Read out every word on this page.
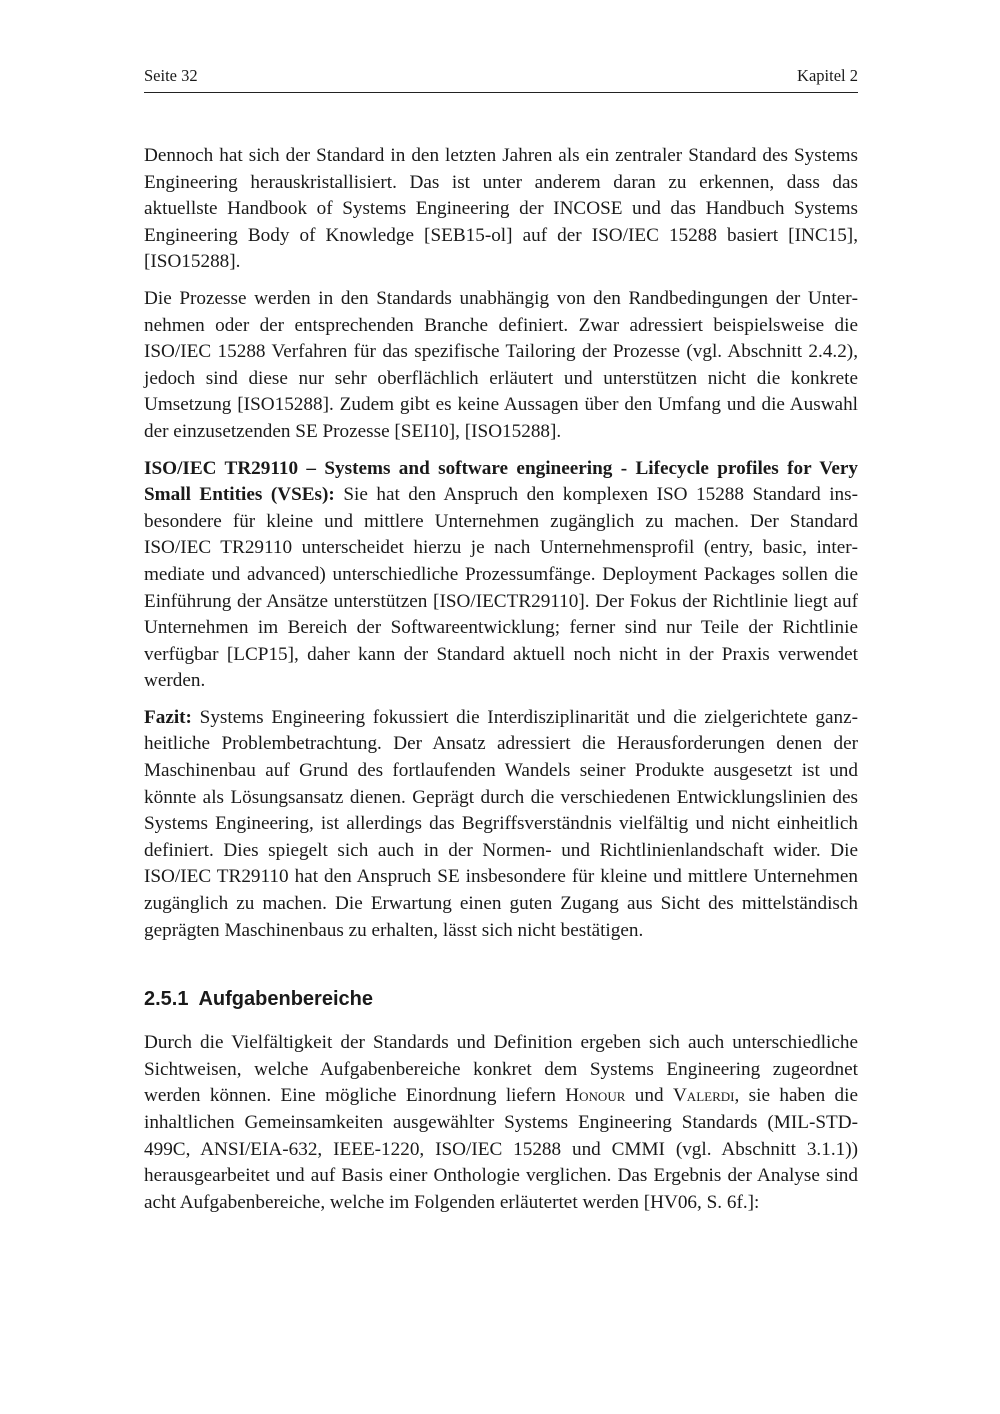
Seite 32	Kapitel 2

Dennoch hat sich der Standard in den letzten Jahren als ein zentraler Standard des Systems Engineering herauskristallisiert. Das ist unter anderem daran zu erkennen, dass das aktuellste Handbook of Systems Engineering der INCOSE und das Handbuch Systems Engineering Body of Knowledge [SEB15-ol] auf der ISO/IEC 15288 basiert [INC15], [ISO15288].

Die Prozesse werden in den Standards unabhängig von den Randbedingungen der Unternehmen oder der entsprechenden Branche definiert. Zwar adressiert beispielsweise die ISO/IEC 15288 Verfahren für das spezifische Tailoring der Prozesse (vgl. Abschnitt 2.4.2), jedoch sind diese nur sehr oberflächlich erläutert und unterstützen nicht die konkrete Umsetzung [ISO15288]. Zudem gibt es keine Aussagen über den Umfang und die Auswahl der einzusetzenden SE Prozesse [SEI10], [ISO15288].

ISO/IEC TR29110 – Systems and software engineering - Lifecycle profiles for Very Small Entities (VSEs): Sie hat den Anspruch den komplexen ISO 15288 Standard insbesondere für kleine und mittlere Unternehmen zugänglich zu machen. Der Standard ISO/IEC TR29110 unterscheidet hierzu je nach Unternehmensprofil (entry, basic, intermediate und advanced) unterschiedliche Prozessumfänge. Deployment Packages sollen die Einführung der Ansätze unterstützen [ISO/IECTR29110]. Der Fokus der Richtlinie liegt auf Unternehmen im Bereich der Softwareentwicklung; ferner sind nur Teile der Richtlinie verfügbar [LCP15], daher kann der Standard aktuell noch nicht in der Praxis verwendet werden.

Fazit: Systems Engineering fokussiert die Interdisziplinarität und die zielgerichtete ganzheitliche Problembetrachtung. Der Ansatz adressiert die Herausforderungen denen der Maschinenbau auf Grund des fortlaufenden Wandels seiner Produkte ausgesetzt ist und könnte als Lösungsansatz dienen. Geprägt durch die verschiedenen Entwicklungslinien des Systems Engineering, ist allerdings das Begriffsverständnis vielfältig und nicht einheitlich definiert. Dies spiegelt sich auch in der Normen- und Richtlinienlandschaft wider. Die ISO/IEC TR29110 hat den Anspruch SE insbesondere für kleine und mittlere Unternehmen zugänglich zu machen. Die Erwartung einen guten Zugang aus Sicht des mittelständisch geprägten Maschinenbaus zu erhalten, lässt sich nicht bestätigen.

2.5.1 Aufgabenbereiche

Durch die Vielfältigkeit der Standards und Definition ergeben sich auch unterschiedliche Sichtweisen, welche Aufgabenbereiche konkret dem Systems Engineering zugeordnet werden können. Eine mögliche Einordnung liefern Honour und Valerdi, sie haben die inhaltlichen Gemeinsamkeiten ausgewählter Systems Engineering Standards (MIL-STD-499C, ANSI/EIA-632, IEEE-1220, ISO/IEC 15288 und CMMI (vgl. Abschnitt 3.1.1)) herausgearbeitet und auf Basis einer Onthologie verglichen. Das Ergebnis der Analyse sind acht Aufgabenbereiche, welche im Folgenden erläutertet werden [HV06, S. 6f.]:
